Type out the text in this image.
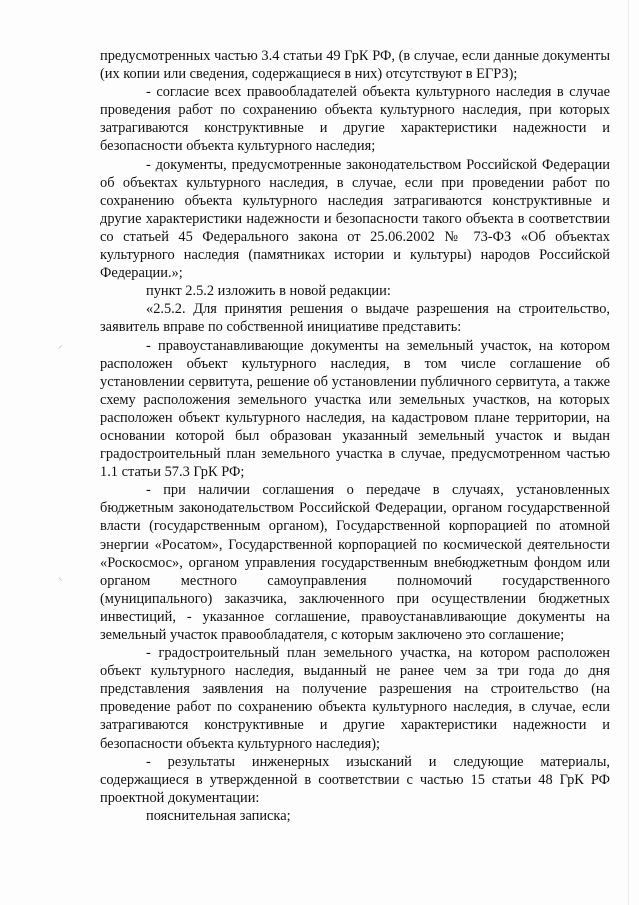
предусмотренных частью 3.4 статьи 49 ГрК РФ, (в случае, если данные документы (их копии или сведения, содержащиеся в них) отсутствуют в ЕГРЗ);

- согласие всех правообладателей объекта культурного наследия в случае проведения работ по сохранению объекта культурного наследия, при которых затрагиваются конструктивные и другие характеристики надежности и безопасности объекта культурного наследия;

- документы, предусмотренные законодательством Российской Федерации об объектах культурного наследия, в случае, если при проведении работ по сохранению объекта культурного наследия затрагиваются конструктивные и другие характеристики надежности и безопасности такого объекта в соответствии со статьей 45 Федерального закона от 25.06.2002 № 73-ФЗ «Об объектах культурного наследия (памятниках истории и культуры) народов Российской Федерации.»;

пункт 2.5.2 изложить в новой редакции:

«2.5.2. Для принятия решения о выдаче разрешения на строительство, заявитель вправе по собственной инициативе представить:

- правоустанавливающие документы на земельный участок, на котором расположен объект культурного наследия, в том числе соглашение об установлении сервитута, решение об установлении публичного сервитута, а также схему расположения земельного участка или земельных участков, на которых расположен объект культурного наследия, на кадастровом плане территории, на основании которой был образован указанный земельный участок и выдан градостроительный план земельного участка в случае, предусмотренном частью 1.1 статьи 57.3 ГрК РФ;

- при наличии соглашения о передаче в случаях, установленных бюджетным законодательством Российской Федерации, органом государственной власти (государственным органом), Государственной корпорацией по атомной энергии «Росатом», Государственной корпорацией по космической деятельности «Роскосмос», органом управления государственным внебюджетным фондом или органом местного самоуправления полномочий государственного (муниципального) заказчика, заключенного при осуществлении бюджетных инвестиций, - указанное соглашение, правоустанавливающие документы на земельный участок правообладателя, с которым заключено это соглашение;

- градостроительный план земельного участка, на котором расположен объект культурного наследия, выданный не ранее чем за три года до дня представления заявления на получение разрешения на строительство (на проведение работ по сохранению объекта культурного наследия, в случае, если затрагиваются конструктивные и другие характеристики надежности и безопасности объекта культурного наследия);

- результаты инженерных изысканий и следующие материалы, содержащиеся в утвержденной в соответствии с частью 15 статьи 48 ГрК РФ проектной документации:

пояснительная записка;

⸝
⸜
